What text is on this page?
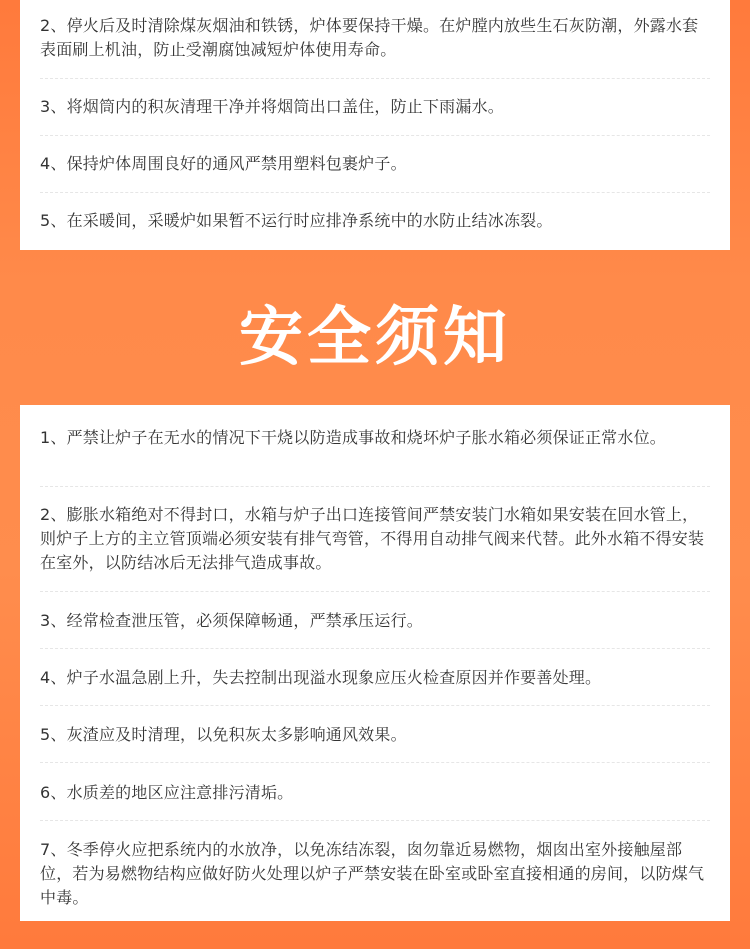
2、停火后及时清除煤灰烟油和铁锈，炉体要保持干燥。在炉膛内放些生石灰防潮，外露水套表面刷上机油，防止受潮腐蚀减短炉体使用寿命。
3、将烟筒内的积灰清理干净并将烟筒出口盖住，防止下雨漏水。
4、保持炉体周围良好的通风严禁用塑料包裹炉子。
5、在采暖间，采暖炉如果暂不运行时应排净系统中的水防止结冰冻裂。
安全须知
1、严禁让炉子在无水的情况下干烧以防造成事故和烧坏炉子胀水箱必须保证正常水位。
2、膨胀水箱绝对不得封口，水箱与炉子出口连接管间严禁安装门水箱如果安装在回水管上，则炉子上方的主立管顶端必须安装有排气弯管，不得用自动排气阀来代替。此外水箱不得安装在室外，以防结冰后无法排气造成事故。
3、经常检查泄压管，必须保障畅通，严禁承压运行。
4、炉子水温急剧上升，失去控制出现溢水现象应压火检查原因并作要善处理。
5、灰渣应及时清理，以免积灰太多影响通风效果。
6、水质差的地区应注意排污清垢。
7、冬季停火应把系统内的水放净，以免冻结冻裂，囱勿靠近易燃物，烟囱出室外接触屋部位，若为易燃物结构应做好防火处理以炉子严禁安装在卧室或卧室直接相通的房间，以防煤气中毒。
